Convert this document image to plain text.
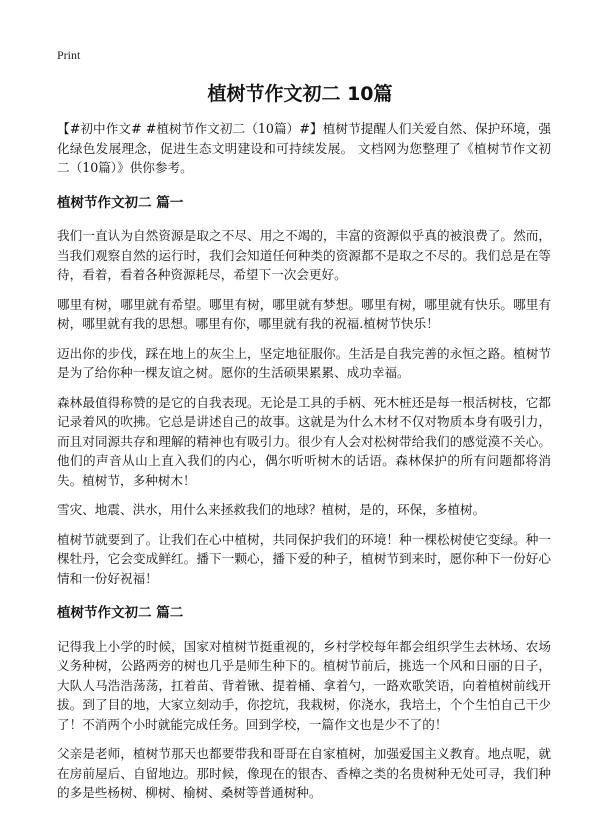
Print
植树节作文初二 10篇

【#初中作文# #植树节作文初二（10篇）#】植树节提醒人们关爱自然、保护环境，强化绿色发展理念，促进生态文明建设和可持续发展。 文档网为您整理了《植树节作文初二（10篇）》供你参考。

植树节作文初二 篇一

我们一直认为自然资源是取之不尽、用之不竭的，丰富的资源似乎真的被浪费了。然而，当我们观察自然的运行时，我们会知道任何种类的资源都不是取之不尽的。我们总是在等待，看着，看着各种资源耗尽，希望下一次会更好。

哪里有树，哪里就有希望。哪里有树，哪里就有梦想。哪里有树，哪里就有快乐。哪里有树，哪里就有我的思想。哪里有你，哪里就有我的祝福.植树节快乐！

迈出你的步伐，踩在地上的灰尘上，坚定地征服你。生活是自我完善的永恒之路。植树节是为了给你种一棵友谊之树。愿你的生活硕果累累、成功幸福。

森林最值得称赞的是它的自我表现。无论是工具的手柄、死木桩还是每一根活树枝，它都记录着风的吹拂。它总是讲述自己的故事。这就是为什么木材不仅对物质本身有吸引力，而且对同源共存和理解的精神也有吸引力。很少有人会对松树带给我们的感觉漠不关心。他们的声音从山上直入我们的内心，偶尔听听树木的话语。森林保护的所有问题都将消失。植树节，多种树木！

雪灾、地震、洪水，用什么来拯救我们的地球？植树，是的，环保，多植树。

植树节就要到了。让我们在心中植树，共同保护我们的环境！种一棵松树使它变绿。种一棵牡丹，它会变成鲜红。播下一颗心，播下爱的种子，植树节到来时，愿你种下一份好心情和一份好祝福！

植树节作文初二 篇二

记得我上小学的时候，国家对植树节挺重视的，乡村学校每年都会组织学生去林场、农场义务种树，公路两旁的树也几乎是师生种下的。植树节前后，挑选一个风和日丽的日子，大队人马浩浩荡荡，扛着苗、背着锹、提着桶、拿着勺，一路欢歌笑语，向着植树前线开拔。到了目的地，大家立刻动手，你挖坑，我栽树，你浇水，我培土，个个生怕自己干少了！不消两个小时就能完成任务。回到学校，一篇作文也是少不了的！

父亲是老师，植树节那天也都要带我和哥哥在自家植树，加强爱国主义教育。地点呢，就在房前屋后、自留地边。那时候，像现在的银杏、香樟之类的名贵树种无处可寻，我们种的多是些杨树、柳树、榆树、桑树等普通树种。
